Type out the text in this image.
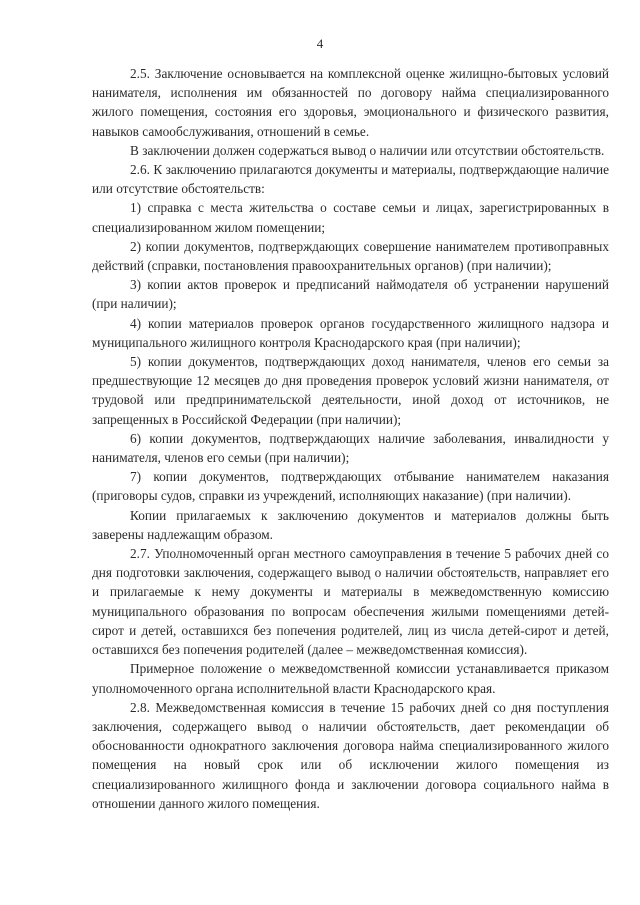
4

2.5. Заключение основывается на комплексной оценке жилищно-бытовых условий нанимателя, исполнения им обязанностей по договору найма специализированного жилого помещения, состояния его здоровья, эмоционального и физического развития, навыков самообслуживания, отношений в семье.

В заключении должен содержаться вывод о наличии или отсутствии обстоятельств.

2.6. К заключению прилагаются документы и материалы, подтверждающие наличие или отсутствие обстоятельств:

1) справка с места жительства о составе семьи и лицах, зарегистрированных в специализированном жилом помещении;

2) копии документов, подтверждающих совершение нанимателем противоправных действий (справки, постановления правоохранительных органов) (при наличии);

3) копии актов проверок и предписаний наймодателя об устранении нарушений (при наличии);

4) копии материалов проверок органов государственного жилищного надзора и муниципального жилищного контроля Краснодарского края (при наличии);

5) копии документов, подтверждающих доход нанимателя, членов его семьи за предшествующие 12 месяцев до дня проведения проверок условий жизни нанимателя, от трудовой или предпринимательской деятельности, иной доход от источников, не запрещенных в Российской Федерации (при наличии);

6) копии документов, подтверждающих наличие заболевания, инвалидности у нанимателя, членов его семьи (при наличии);

7) копии документов, подтверждающих отбывание нанимателем наказания (приговоры судов, справки из учреждений, исполняющих наказание) (при наличии).

Копии прилагаемых к заключению документов и материалов должны быть заверены надлежащим образом.

2.7. Уполномоченный орган местного самоуправления в течение 5 рабочих дней со дня подготовки заключения, содержащего вывод о наличии обстоятельств, направляет его и прилагаемые к нему документы и материалы в межведомственную комиссию муниципального образования по вопросам обеспечения жилыми помещениями детей-сирот и детей, оставшихся без попечения родителей, лиц из числа детей-сирот и детей, оставшихся без попечения родителей (далее – межведомственная комиссия).

Примерное положение о межведомственной комиссии устанавливается приказом уполномоченного органа исполнительной власти Краснодарского края.

2.8. Межведомственная комиссия в течение 15 рабочих дней со дня поступления заключения, содержащего вывод о наличии обстоятельств, дает рекомендации об обоснованности однократного заключения договора найма специализированного жилого помещения на новый срок или об исключении жилого помещения из специализированного жилищного фонда и заключении договора социального найма в отношении данного жилого помещения.
